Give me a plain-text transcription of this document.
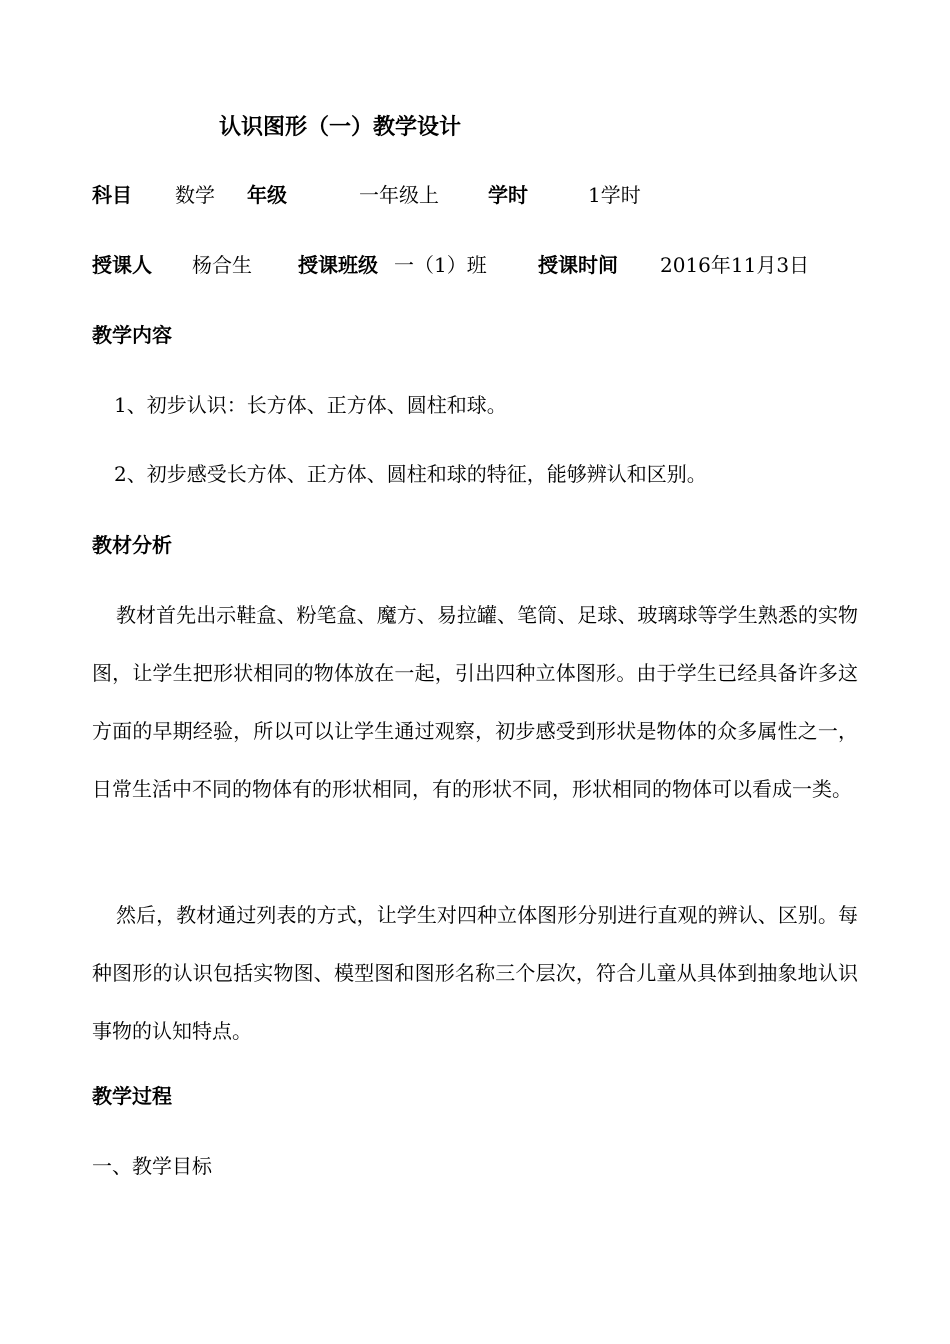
认识图形（一）教学设计
科目 数学 年级	一年级上 学时	1学时
授课人 杨合生 授课班级 一（1）班	授课时间 2016年11月3日
教学内容
1、初步认识：长方体、正方体、圆柱和球。
2、初步感受长方体、正方体、圆柱和球的特征，能够辨认和区别。
教材分析
教材首先出示鞋盒、粉笔盒、魔方、易拉罐、笔筒、足球、玻璃球等学生熟悉的实物图，让学生把形状相同的物体放在一起，引出四种立体图形。由于学生已经具备许多这方面的早期经验，所以可以让学生通过观察，初步感受到形状是物体的众多属性之一，日常生活中不同的物体有的形状相同，有的形状不同，形状相同的物体可以看成一类。
然后，教材通过列表的方式，让学生对四种立体图形分别进行直观的辨认、区别。每种图形的认识包括实物图、模型图和图形名称三个层次，符合儿童从具体到抽象地认识事物的认知特点。
教学过程
一、教学目标
